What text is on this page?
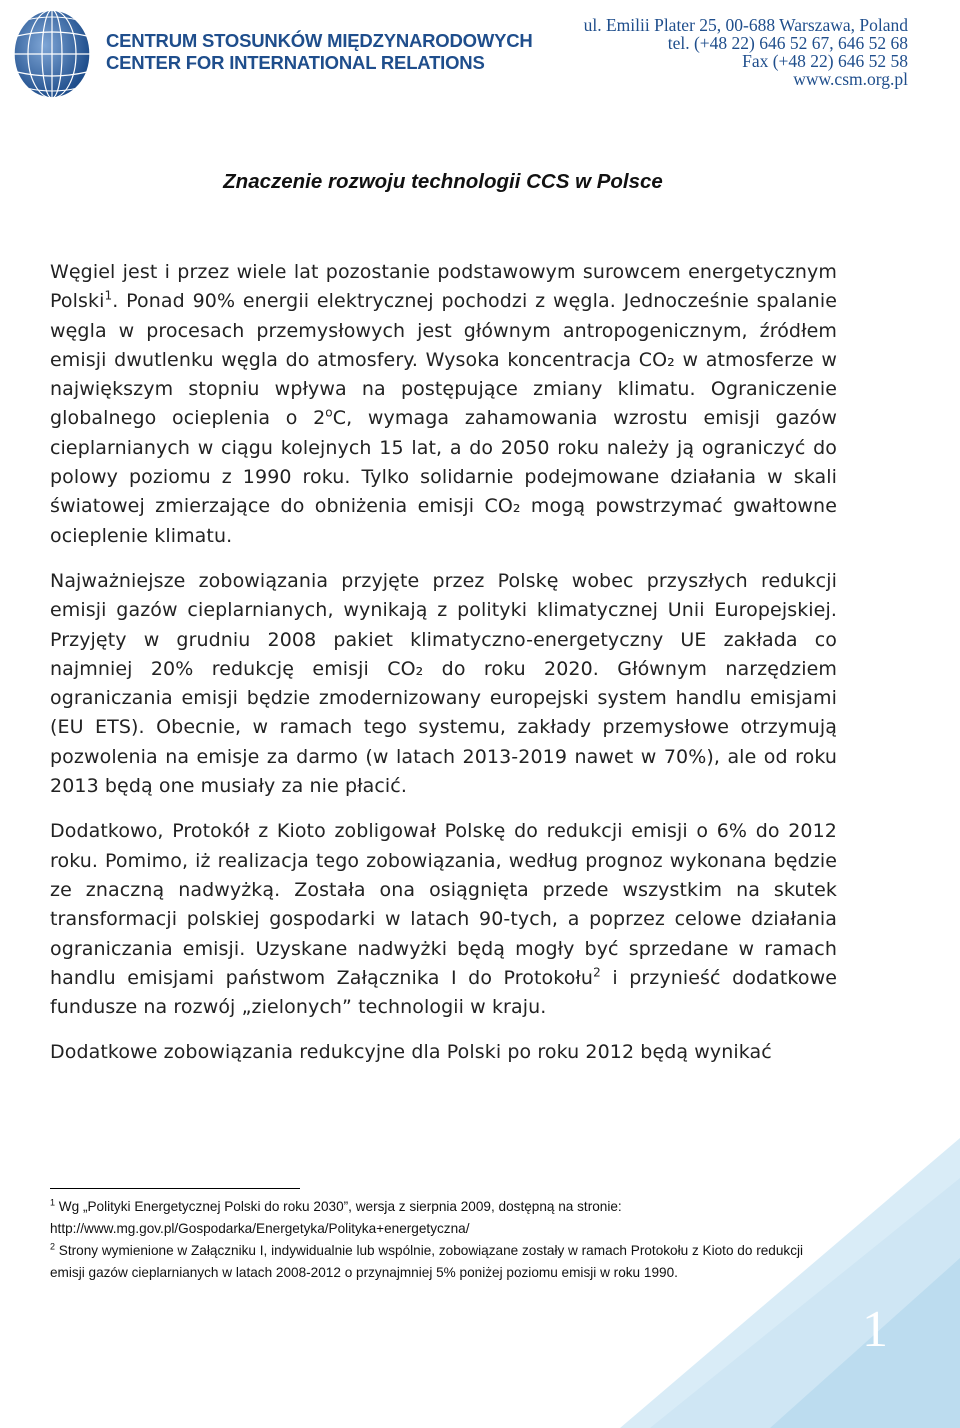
CENTRUM STOSUNKÓW MIĘDZYNARODOWYCH
CENTER FOR INTERNATIONAL RELATIONS
ul. Emilii Plater 25, 00-688 Warszawa, Poland
tel. (+48 22) 646 52 67, 646 52 68
Fax (+48 22) 646 52 58
www.csm.org.pl
Znaczenie rozwoju technologii CCS w Polsce

Węgiel jest i przez wiele lat pozostanie podstawowym surowcem energetycznym Polski$^1$. Ponad 90% energii elektrycznej pochodzi z węgla. Jednocześnie spalanie węgla w procesach przemysłowych jest głównym antropogenicznym, źródłem emisji dwutlenku węgla do atmosfery. Wysoka koncentracja CO₂ w atmosferze w największym stopniu wpływa na postępujące zmiany klimatu. Ograniczenie globalnego ocieplenia o 2$^o$C, wymaga zahamowania wzrostu emisji gazów cieplarnianych w ciągu kolejnych 15 lat, a do 2050 roku należy ją ograniczyć do polowy poziomu z 1990 roku. Tylko solidarnie podejmowane działania w skali światowej zmierzające do obniżenia emisji CO₂ mogą powstrzymać gwałtowne ocieplenie klimatu.

Najważniejsze zobowiązania przyjęte przez Polskę wobec przyszłych redukcji emisji gazów cieplarnianych, wynikają z polityki klimatycznej Unii Europejskiej. Przyjęty w grudniu 2008 pakiet klimatyczno-energetyczny UE zakłada co najmniej 20% redukcję emisji CO₂ do roku 2020. Głównym narzędziem ograniczania emisji będzie zmodernizowany europejski system handlu emisjami (EU ETS). Obecnie, w ramach tego systemu, zakłady przemysłowe otrzymują pozwolenia na emisje za darmo (w latach 2013-2019 nawet w 70%), ale od roku 2013 będą one musiały za nie płacić.

Dodatkowo, Protokół z Kioto zobligował Polskę do redukcji emisji o 6% do 2012 roku. Pomimo, iż realizacja tego zobowiązania, według prognoz wykonana będzie ze znaczną nadwyżką. Została ona osiągnięta przede wszystkim na skutek transformacji polskiej gospodarki w latach 90-tych, a poprzez celowe działania ograniczania emisji. Uzyskane nadwyżki będą mogły być sprzedane w ramach handlu emisjami państwom Załącznika I do Protokołu$^2$ i przynieść dodatkowe fundusze na rozwój „zielonych” technologii w kraju.

Dodatkowe zobowiązania redukcyjne dla Polski po roku 2012 będą wynikać

$^1$ Wg „Polityki Energetycznej Polski do roku 2030”, wersja z sierpnia 2009, dostępną na stronie: http://www.mg.gov.pl/Gospodarka/Energetyka/Polityka+energetyczna/

$^2$ Strony wymienione w Załączniku I, indywidualnie lub wspólnie, zobowiązane zostały w ramach Protokołu z Kioto do redukcji emisji gazów cieplarnianych w latach 2008-2012 o przynajmniej 5% poniżej poziomu emisji w roku 1990.

1
